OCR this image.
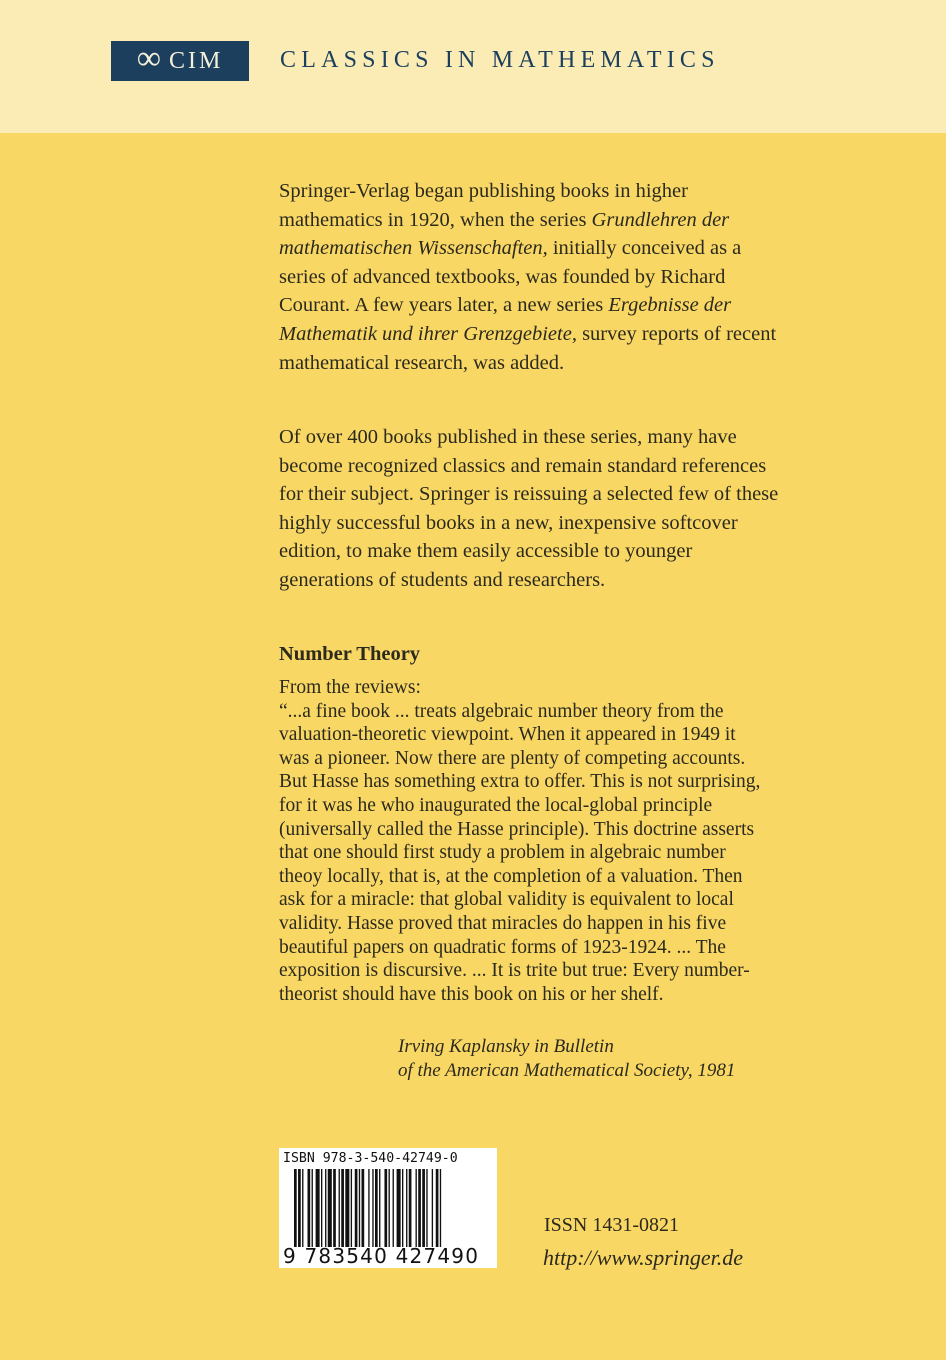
∞ CIM CLASSICS IN MATHEMATICS
Springer-Verlag began publishing books in higher mathematics in 1920, when the series Grundlehren der mathematischen Wissenschaften, initially conceived as a series of advanced textbooks, was founded by Richard Courant. A few years later, a new series Ergebnisse der Mathematik und ihrer Grenzgebiete, survey reports of recent mathematical research, was added.
Of over 400 books published in these series, many have become recognized classics and remain standard references for their subject. Springer is reissuing a selected few of these highly successful books in a new, inexpensive softcover edition, to make them easily accessible to younger generations of students and researchers.
Number Theory
From the reviews:
“...a fine book ... treats algebraic number theory from the valuation-theoretic viewpoint. When it appeared in 1949 it was a pioneer. Now there are plenty of competing accounts. But Hasse has something extra to offer. This is not surprising, for it was he who inaugurated the local-global principle (universally called the Hasse principle). This doctrine asserts that one should first study a problem in algebraic number theoy locally, that is, at the completion of a valuation. Then ask for a miracle: that global validity is equivalent to local validity. Hasse proved that miracles do happen in his five beautiful papers on quadratic forms of 1923-1924. ... The exposition is discursive. ... It is trite but true: Every number-theorist should have this book on his or her shelf.
Irving Kaplansky in Bulletin
of the American Mathematical Society, 1981
ISBN 978-3-540-42749-0
9 783540 427490
ISSN 1431-0821
http://www.springer.de
